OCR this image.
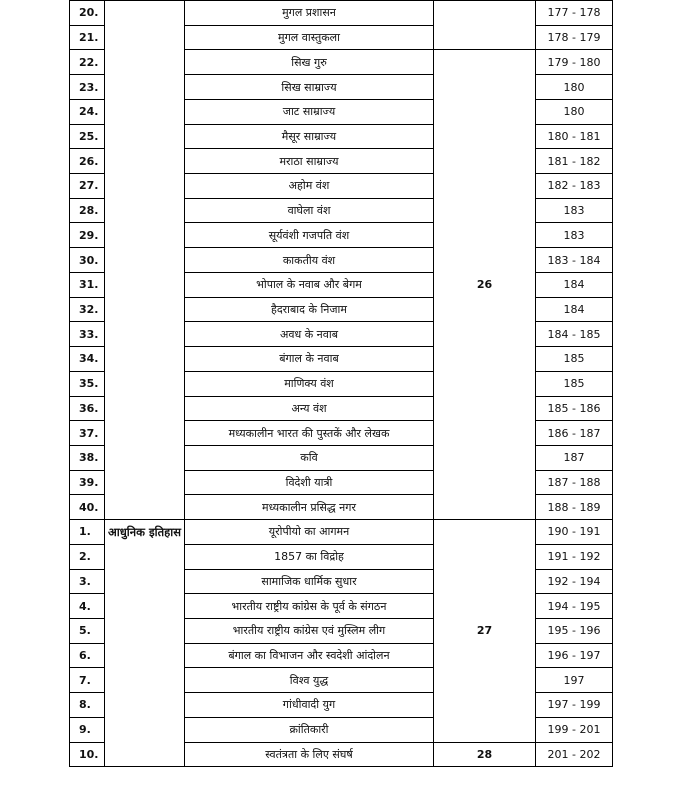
20.		मुगल प्रशासन		177 - 178
21.		मुगल वास्तुकला		178 - 179
22.		सिख गुरु	26	179 - 180
23.		सिख साम्राज्य		180
24.		जाट साम्राज्य		180
25.		मैसूर साम्राज्य		180 - 181
26.		मराठा साम्राज्य		181 - 182
27.		अहोम वंश		182 - 183
28.		वाघेला वंश		183
29.		सूर्यवंशी गजपति वंश		183
30.		काकतीय वंश		183 - 184
31.		भोपाल के नवाब और बेगम		184
32.		हैदराबाद के निजाम		184
33.		अवध के नवाब		184 - 185
34.		बंगाल के नवाब		185
35.		माणिक्य वंश		185
36.		अन्य वंश		185 - 186
37.		मध्यकालीन भारत की पुस्तकें और लेखक		186 - 187
38.		कवि		187
39.		विदेशी यात्री		187 - 188
40.		मध्यकालीन प्रसिद्ध नगर		188 - 189
1.	आधुनिक इतिहास	यूरोपीयो का आगमन	27	190 - 191
2.		1857 का विद्रोह		191 - 192
3.		सामाजिक धार्मिक सुधार		192 - 194
4.		भारतीय राष्ट्रीय कांग्रेस के पूर्व के संगठन		194 - 195
5.		भारतीय राष्ट्रीय कांग्रेस एवं मुस्लिम लीग		195 - 196
6.		बंगाल का विभाजन और स्वदेशी आंदोलन		196 - 197
7.		विश्व युद्ध		197
8.		गांधीवादी युग		197 - 199
9.		क्रांतिकारी		199 - 201
10.		स्वतंत्रता के लिए संघर्ष	28	201 - 202
